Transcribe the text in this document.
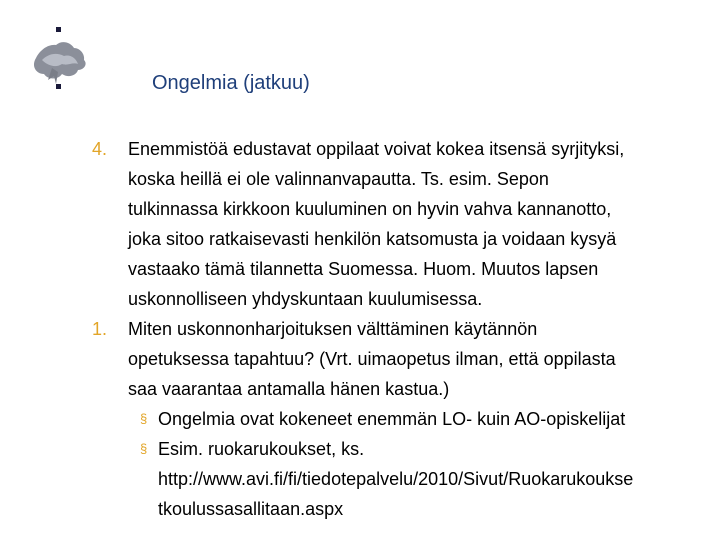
Ongelmia (jatkuu)
4.	Enemmistöä edustavat oppilaat voivat kokea itsensä syrjityksi,
koska heillä ei ole valinnanvapautta. Ts. esim. Sepon
tulkinnassa kirkkoon kuuluminen on hyvin vahva kannanotto,
joka sitoo ratkaisevasti henkilön katsomusta ja voidaan kysyä
vastaako tämä tilannetta Suomessa. Huom. Muutos lapsen
uskonnolliseen yhdyskuntaan kuulumisessa.
1.	Miten uskonnonharjoituksen välttäminen käytännön
opetuksessa tapahtuu? (Vrt. uimaopetus ilman, että oppilasta
saa vaarantaa antamalla hänen kastua.)
§ Ongelmia ovat kokeneet enemmän LO- kuin AO-opiskelijat
§ Esim. ruokarukoukset, ks.
http://www.avi.fi/fi/tiedotepalvelu/2010/Sivut/Ruokarukoukse
tkoulussasallitaan.aspx
